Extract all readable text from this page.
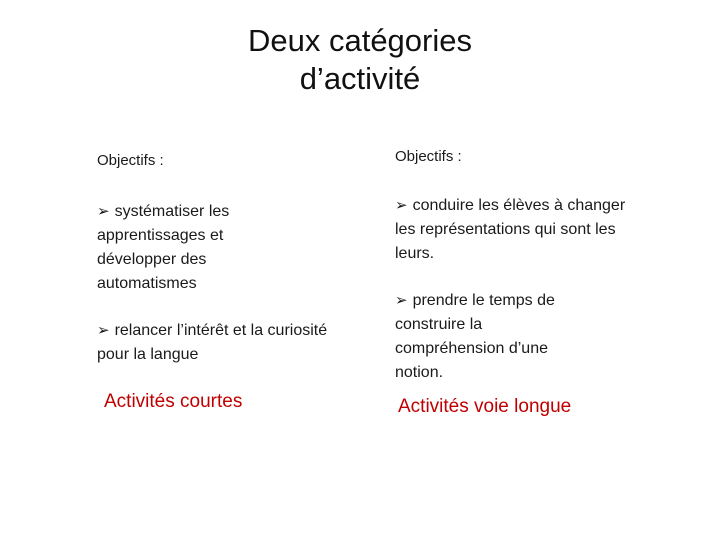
Deux catégories
d’activité
Objectifs :
➢ systématiser les apprentissages et développer des automatismes
➢ relancer l’intérêt et la curiosité pour la langue
Activités courtes
Objectifs :
➢ conduire les élèves à changer les représentations qui sont les leurs.
➢ prendre le temps de construire la compréhension d’une notion.
Activités voie longue
